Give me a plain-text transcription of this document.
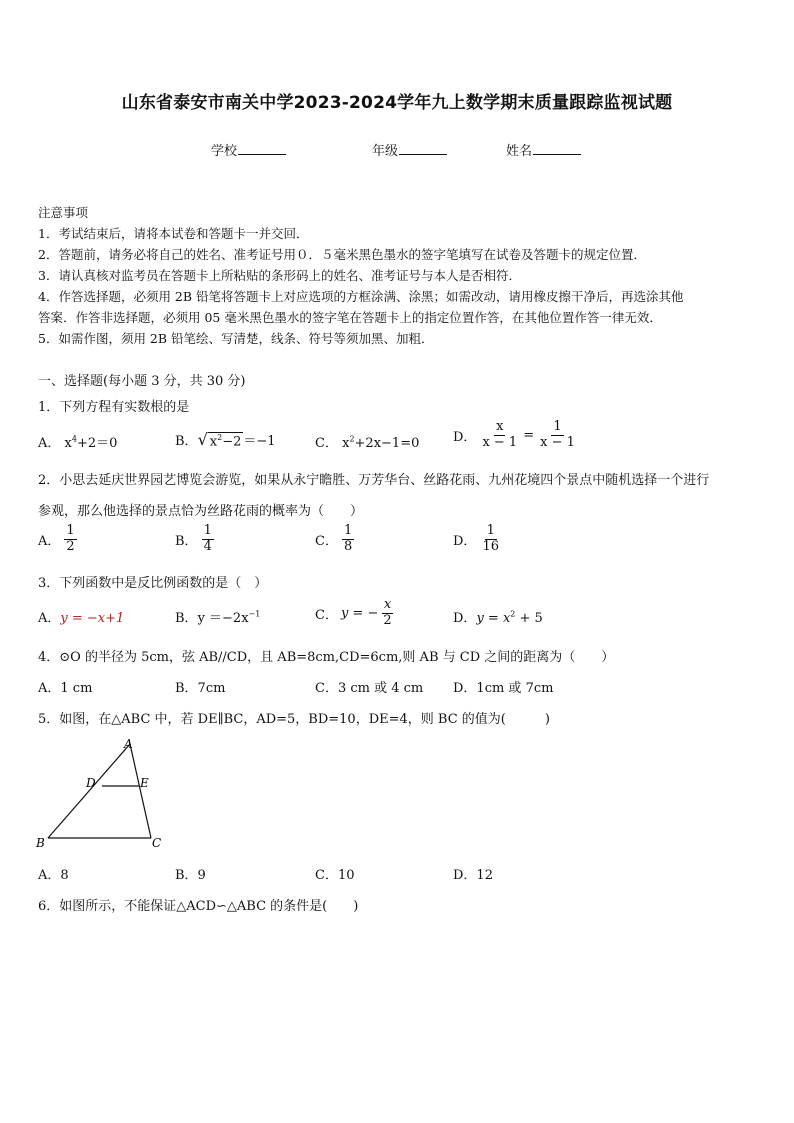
山东省泰安市南关中学2023-2024学年九上数学期末质量跟踪监视试题
学校	年级	姓名
注意事项
1．考试结束后，请将本试卷和答题卡一并交回．
2．答题前，请务必将自己的姓名、准考证号用０．５毫米黑色墨水的签字笔填写在试卷及答题卡的规定位置．
3．请认真核对监考员在答题卡上所粘贴的条形码上的姓名、准考证号与本人是否相符．
4．作答选择题，必须用 2B 铅笔将答题卡上对应选项的方框涂满、涂黑；如需改动，请用橡皮擦干净后，再选涂其他
答案．作答非选择题，必须用 05 毫米黑色墨水的签字笔在答题卡上的指定位置作答，在其他位置作答一律无效．
5．如需作图，须用 2B 铅笔绘、写清楚，线条、符号等须加黑、加粗．
一、选择题(每小题 3 分，共 30 分)
1．下列方程有实数根的是
A． $x^4+2=0$	B．√ $x^2-2 =-1$	C． $x^2+2x-1=0$	D． $\frac{x}{x - 1} = \frac{1}{x - 1}$
2．小思去延庆世界园艺博览会游览，如果从永宁瞻胜、万芳华台、丝路花雨、九州花境四个景点中随机选择一个进行
参观，那么他选择的景点恰为丝路花雨的概率为（　　）
A． $\frac{1}{2}$	B． $\frac{1}{4}$	C． $\frac{1}{8}$	D． $\frac{1}{16}$
3．下列函数中是反比例函数的是（　）
A．y = −x+1	B．$y =-2x^{-1}$	C． y = − $\frac{x}{2}$	D．$y = x^2 + 5$
4．⊙O 的半径为 5cm，弦 AB//CD，且 AB=8cm,CD=6cm,则 AB 与 CD 之间的距离为（　　）
A．1 cm	B．7cm	C．3 cm 或 4 cm D．1cm 或 7cm
5．如图，在△ABC 中，若 DE∥BC，AD=5，BD=10，DE=4，则 BC 的值为(　　　)
A
D	E
B	C
A．8	B．9	C．10	D．12
6．如图所示，不能保证△ACD∽△ABC 的条件是(　　)
